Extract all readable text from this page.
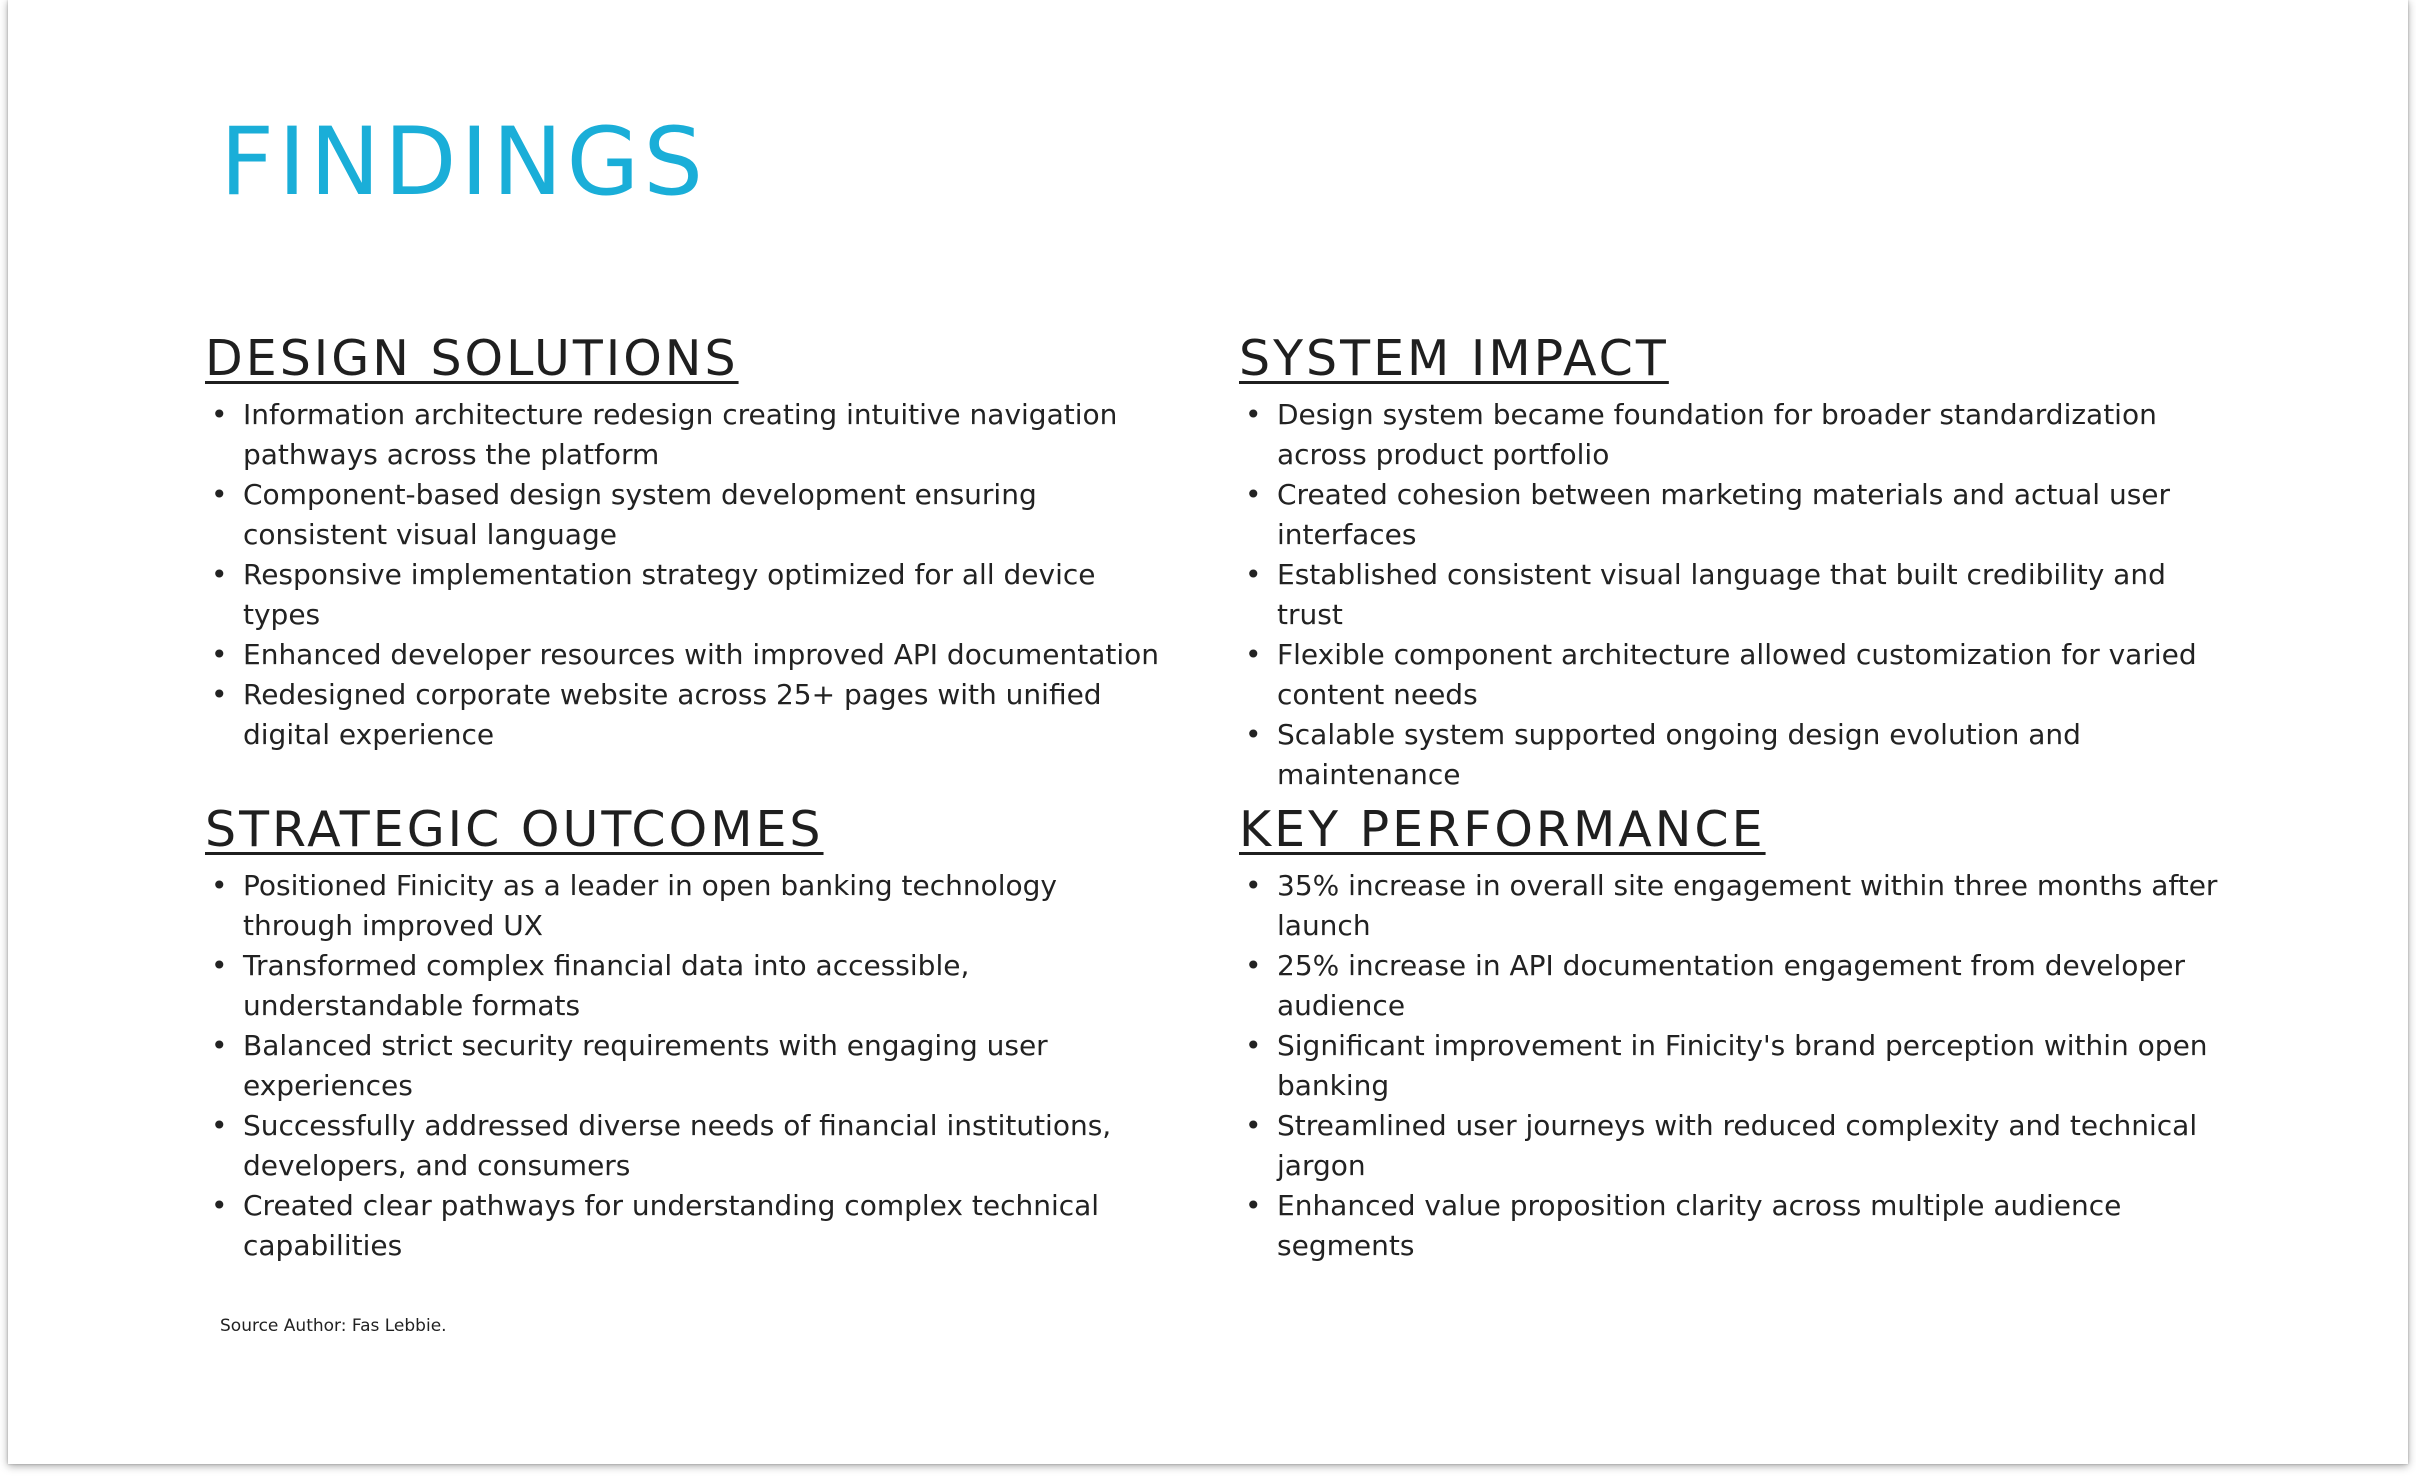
FINDINGS
DESIGN SOLUTIONS
• Information architecture redesign creating intuitive navigation pathways across the platform
• Component-based design system development ensuring consistent visual language
• Responsive implementation strategy optimized for all device types
• Enhanced developer resources with improved API documentation
• Redesigned corporate website across 25+ pages with unified digital experience
SYSTEM IMPACT
• Design system became foundation for broader standardization across product portfolio
• Created cohesion between marketing materials and actual user interfaces
• Established consistent visual language that built credibility and trust
• Flexible component architecture allowed customization for varied content needs
• Scalable system supported ongoing design evolution and maintenance
STRATEGIC OUTCOMES
• Positioned Finicity as a leader in open banking technology through improved UX
• Transformed complex financial data into accessible, understandable formats
• Balanced strict security requirements with engaging user experiences
• Successfully addressed diverse needs of financial institutions, developers, and consumers
• Created clear pathways for understanding complex technical capabilities
KEY PERFORMANCE
• 35% increase in overall site engagement within three months after launch
• 25% increase in API documentation engagement from developer audience
• Significant improvement in Finicity's brand perception within open banking
• Streamlined user journeys with reduced complexity and technical jargon
• Enhanced value proposition clarity across multiple audience segments
Source Author: Fas Lebbie.
